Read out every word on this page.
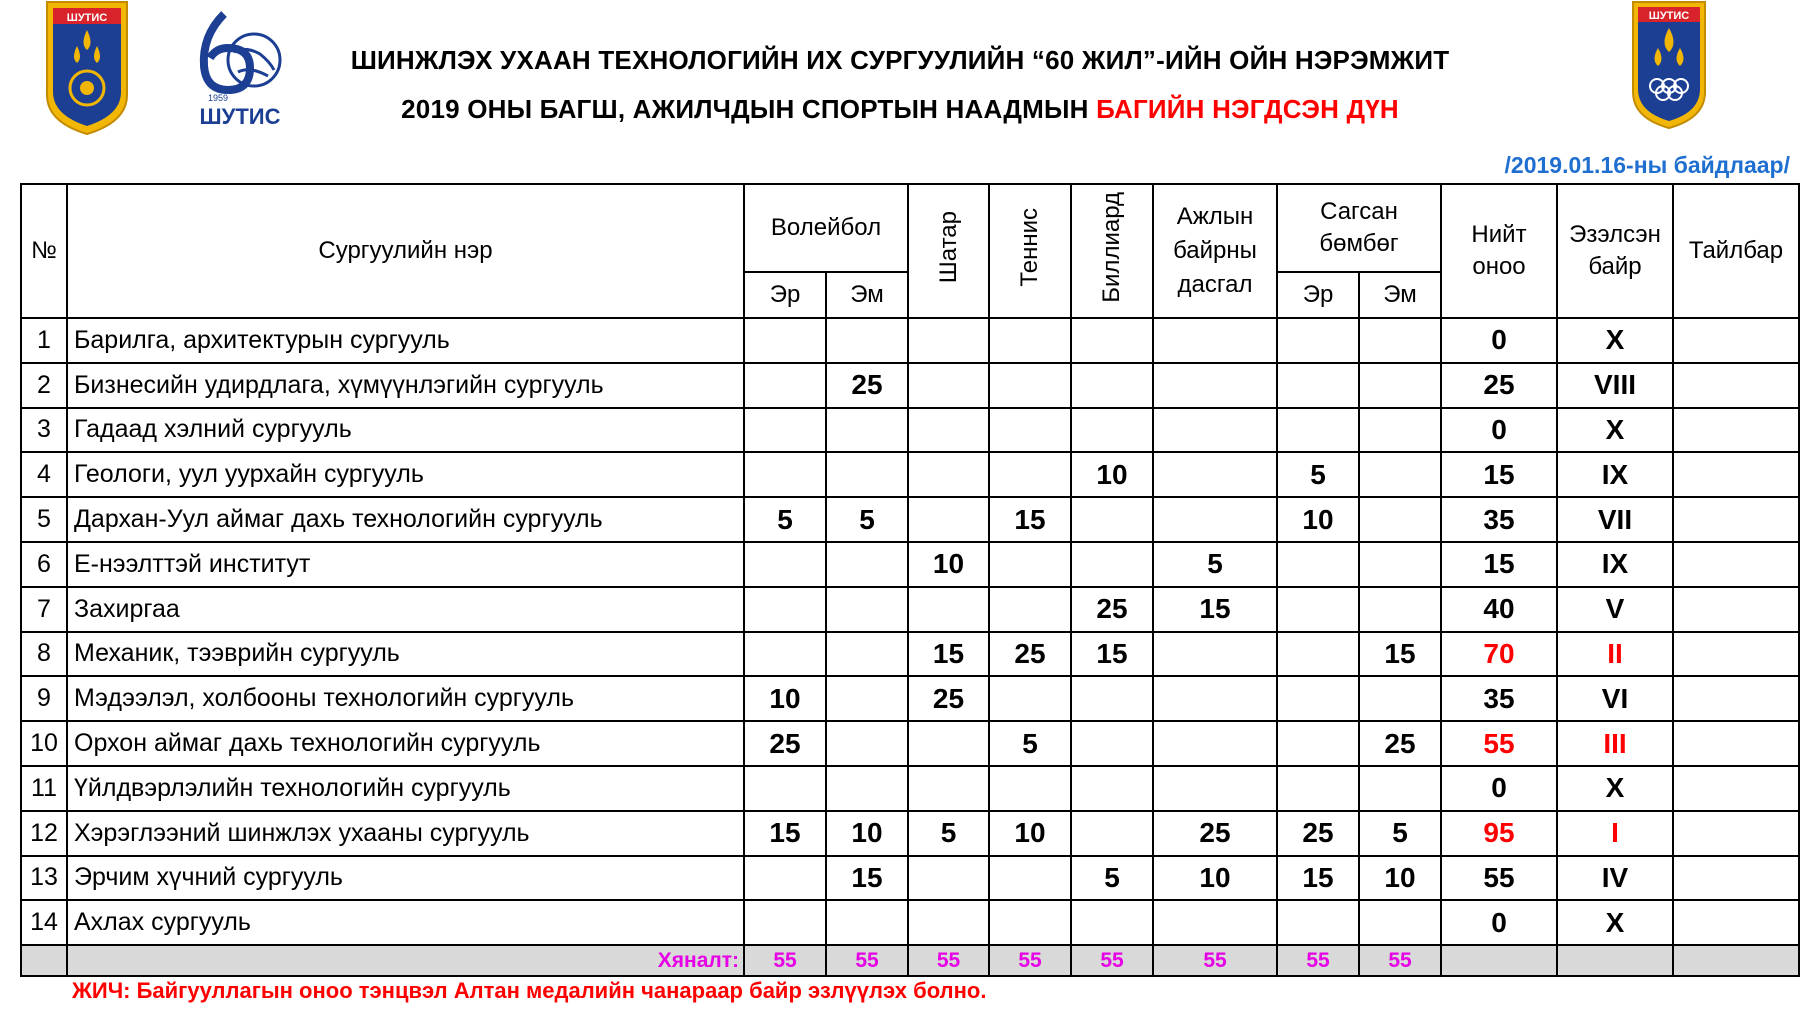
ШУТИС
1959
ШУТИС
ШУТИС
ШИНЖЛЭХ УХААН ТЕХНОЛОГИЙН ИХ СУРГУУЛИЙН “60 ЖИЛ”-ИЙН ОЙН НЭРЭМЖИТ
2019 ОНЫ БАГШ, АЖИЛЧДЫН СПОРТЫН НААДМЫН БАГИЙН НЭГДСЭН ДҮН
/2019.01.16-ны байдлаар/
№	Сургуулийн нэр	Волейбол		Шатар	Теннис	Биллиард	Ажлын байрны дасгал	Сагсан бөмбөг		Нийт оноо	Эзэлсэн байр	Тайлбар
		Эр	Эм					Эр	Эм			
1	Барилга, архитектурын сургууль									0	X	
2	Бизнесийн удирдлага, хүмүүнлэгийн сургууль		25							25	VIII	
3	Гадаад хэлний сургууль									0	X	
4	Геологи, уул уурхайн сургууль					10		5		15	IX	
5	Дархан-Уул аймаг дахь технологийн сургууль	5	5		15			10		35	VII	
6	Е-нээлттэй институт			10			5			15	IX	
7	Захиргаа					25	15			40	V	
8	Механик, тээврийн сургууль			15	25	15			15	70	II	
9	Мэдээлэл, холбооны технологийн сургууль	10		25						35	VI	
10	Орхон аймаг дахь технологийн сургууль	25			5				25	55	III	
11	Үйлдвэрлэлийн технологийн сургууль									0	X	
12	Хэрэглээний шинжлэх ухааны сургууль	15	10	5	10		25	25	5	95	I	
13	Эрчим хүчний сургууль		15			5	10	15	10	55	IV	
14	Ахлах сургууль									0	X	
	Хяналт:	55	55	55	55	55	55	55	55			
ЖИЧ: Байгууллагын оноо тэнцвэл Алтан медалийн чанараар байр эзлүүлэх болно.
